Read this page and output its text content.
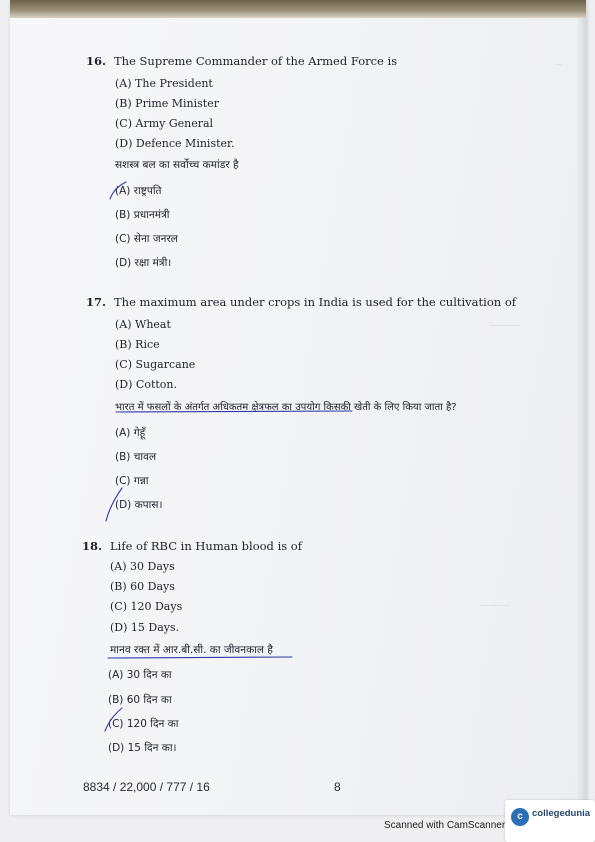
~
———
———
16. The Supreme Commander of the Armed Force is
(A) The President
(B) Prime Minister
(C) Army General
(D) Defence Minister.
सशस्त्र बल का सर्वोच्च कमांडर है
(A) राष्ट्रपति
(B) प्रधानमंत्री
(C) सेना जनरल
(D) रक्षा मंत्री।
17. The maximum area under crops in India is used for the cultivation of
(A) Wheat
(B) Rice
(C) Sugarcane
(D) Cotton.
भारत में फसलों के अंतर्गत अधिकतम क्षेत्रफल का उपयोग किसकी खेती के लिए किया जाता है?
(A) गेहूँ
(B) चावल
(C) गन्ना
(D) कपास।
18. Life of RBC in Human blood is of
(A) 30 Days
(B) 60 Days
(C) 120 Days
(D) 15 Days.
मानव रक्त में आर.बी.सी. का जीवनकाल है
(A) 30 दिन का
(B) 60 दिन का
(C) 120 दिन का
(D) 15 दिन का।
8834 / 22,000 / 777 / 16	8
Scanned with CamScanner
c collegedunia
